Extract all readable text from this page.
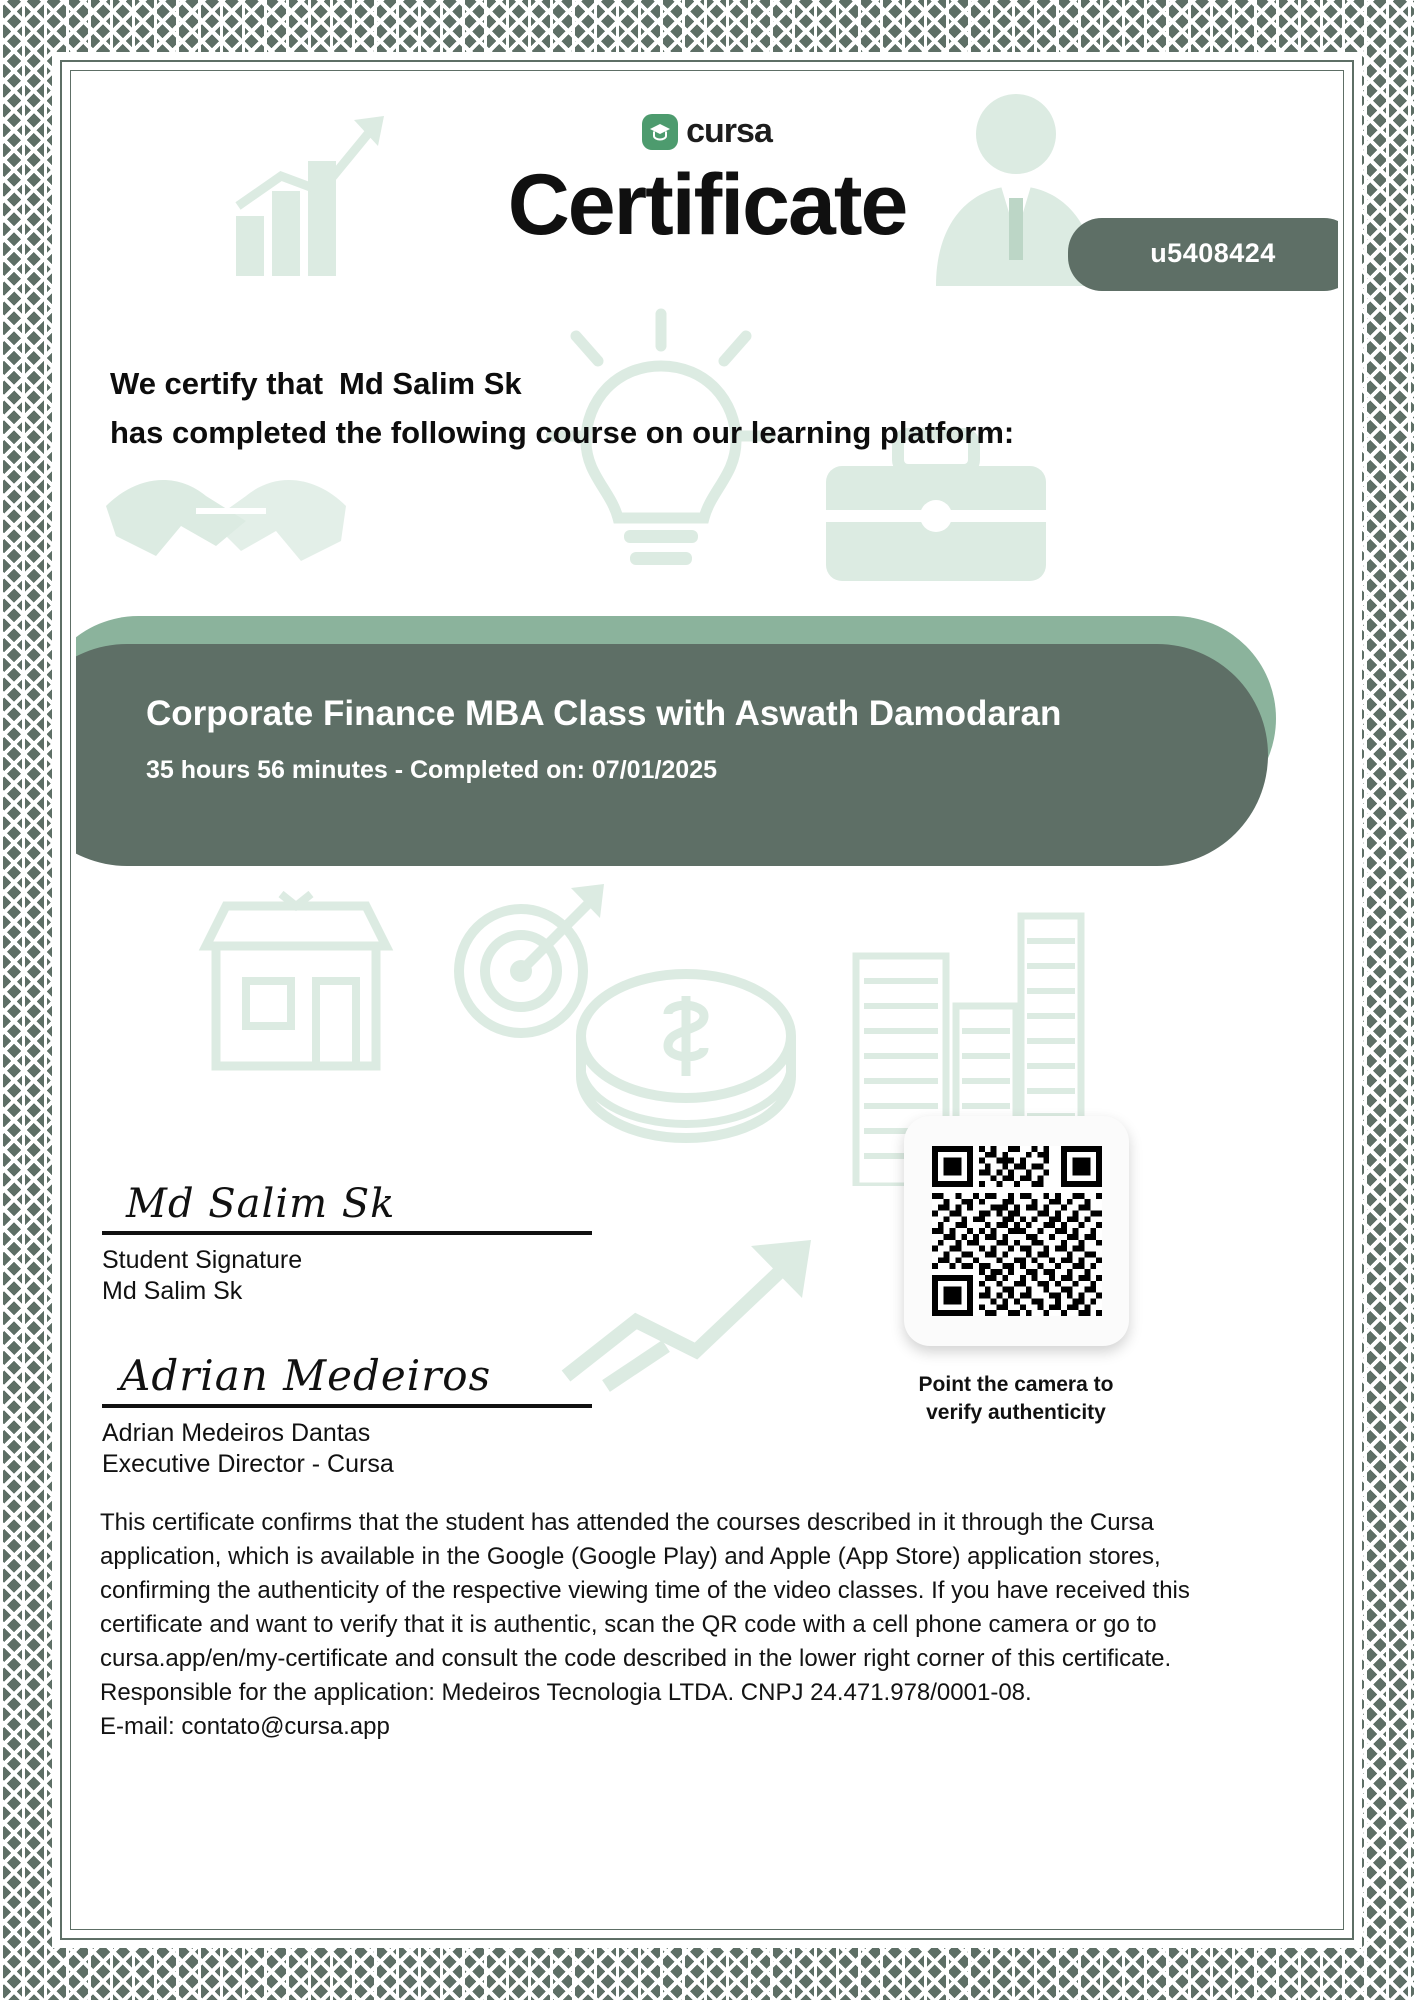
cursa
Certificate	u5408424
We certify that Md Salim Sk
has completed the following course on our learning platform:
Corporate Finance MBA Class with Aswath Damodaran
35 hours 56 minutes - Completed on: 07/01/2025
Md Salim Sk
Student Signature
Md Salim Sk
Adrian Medeiros
Adrian Medeiros Dantas
Executive Director - Cursa
Point the camera to
verify authenticity

This certificate confirms that the student has attended the courses described in it through the Cursa

application, which is available in the Google (Google Play) and Apple (App Store) application stores,

confirming the authenticity of the respective viewing time of the video classes. If you have received this

certificate and want to verify that it is authentic, scan the QR code with a cell phone camera or go to

cursa.app/en/my-certificate and consult the code described in the lower right corner of this certificate.

Responsible for the application: Medeiros Tecnologia LTDA. CNPJ 24.471.978/0001-08.

E-mail: contato@cursa.app
